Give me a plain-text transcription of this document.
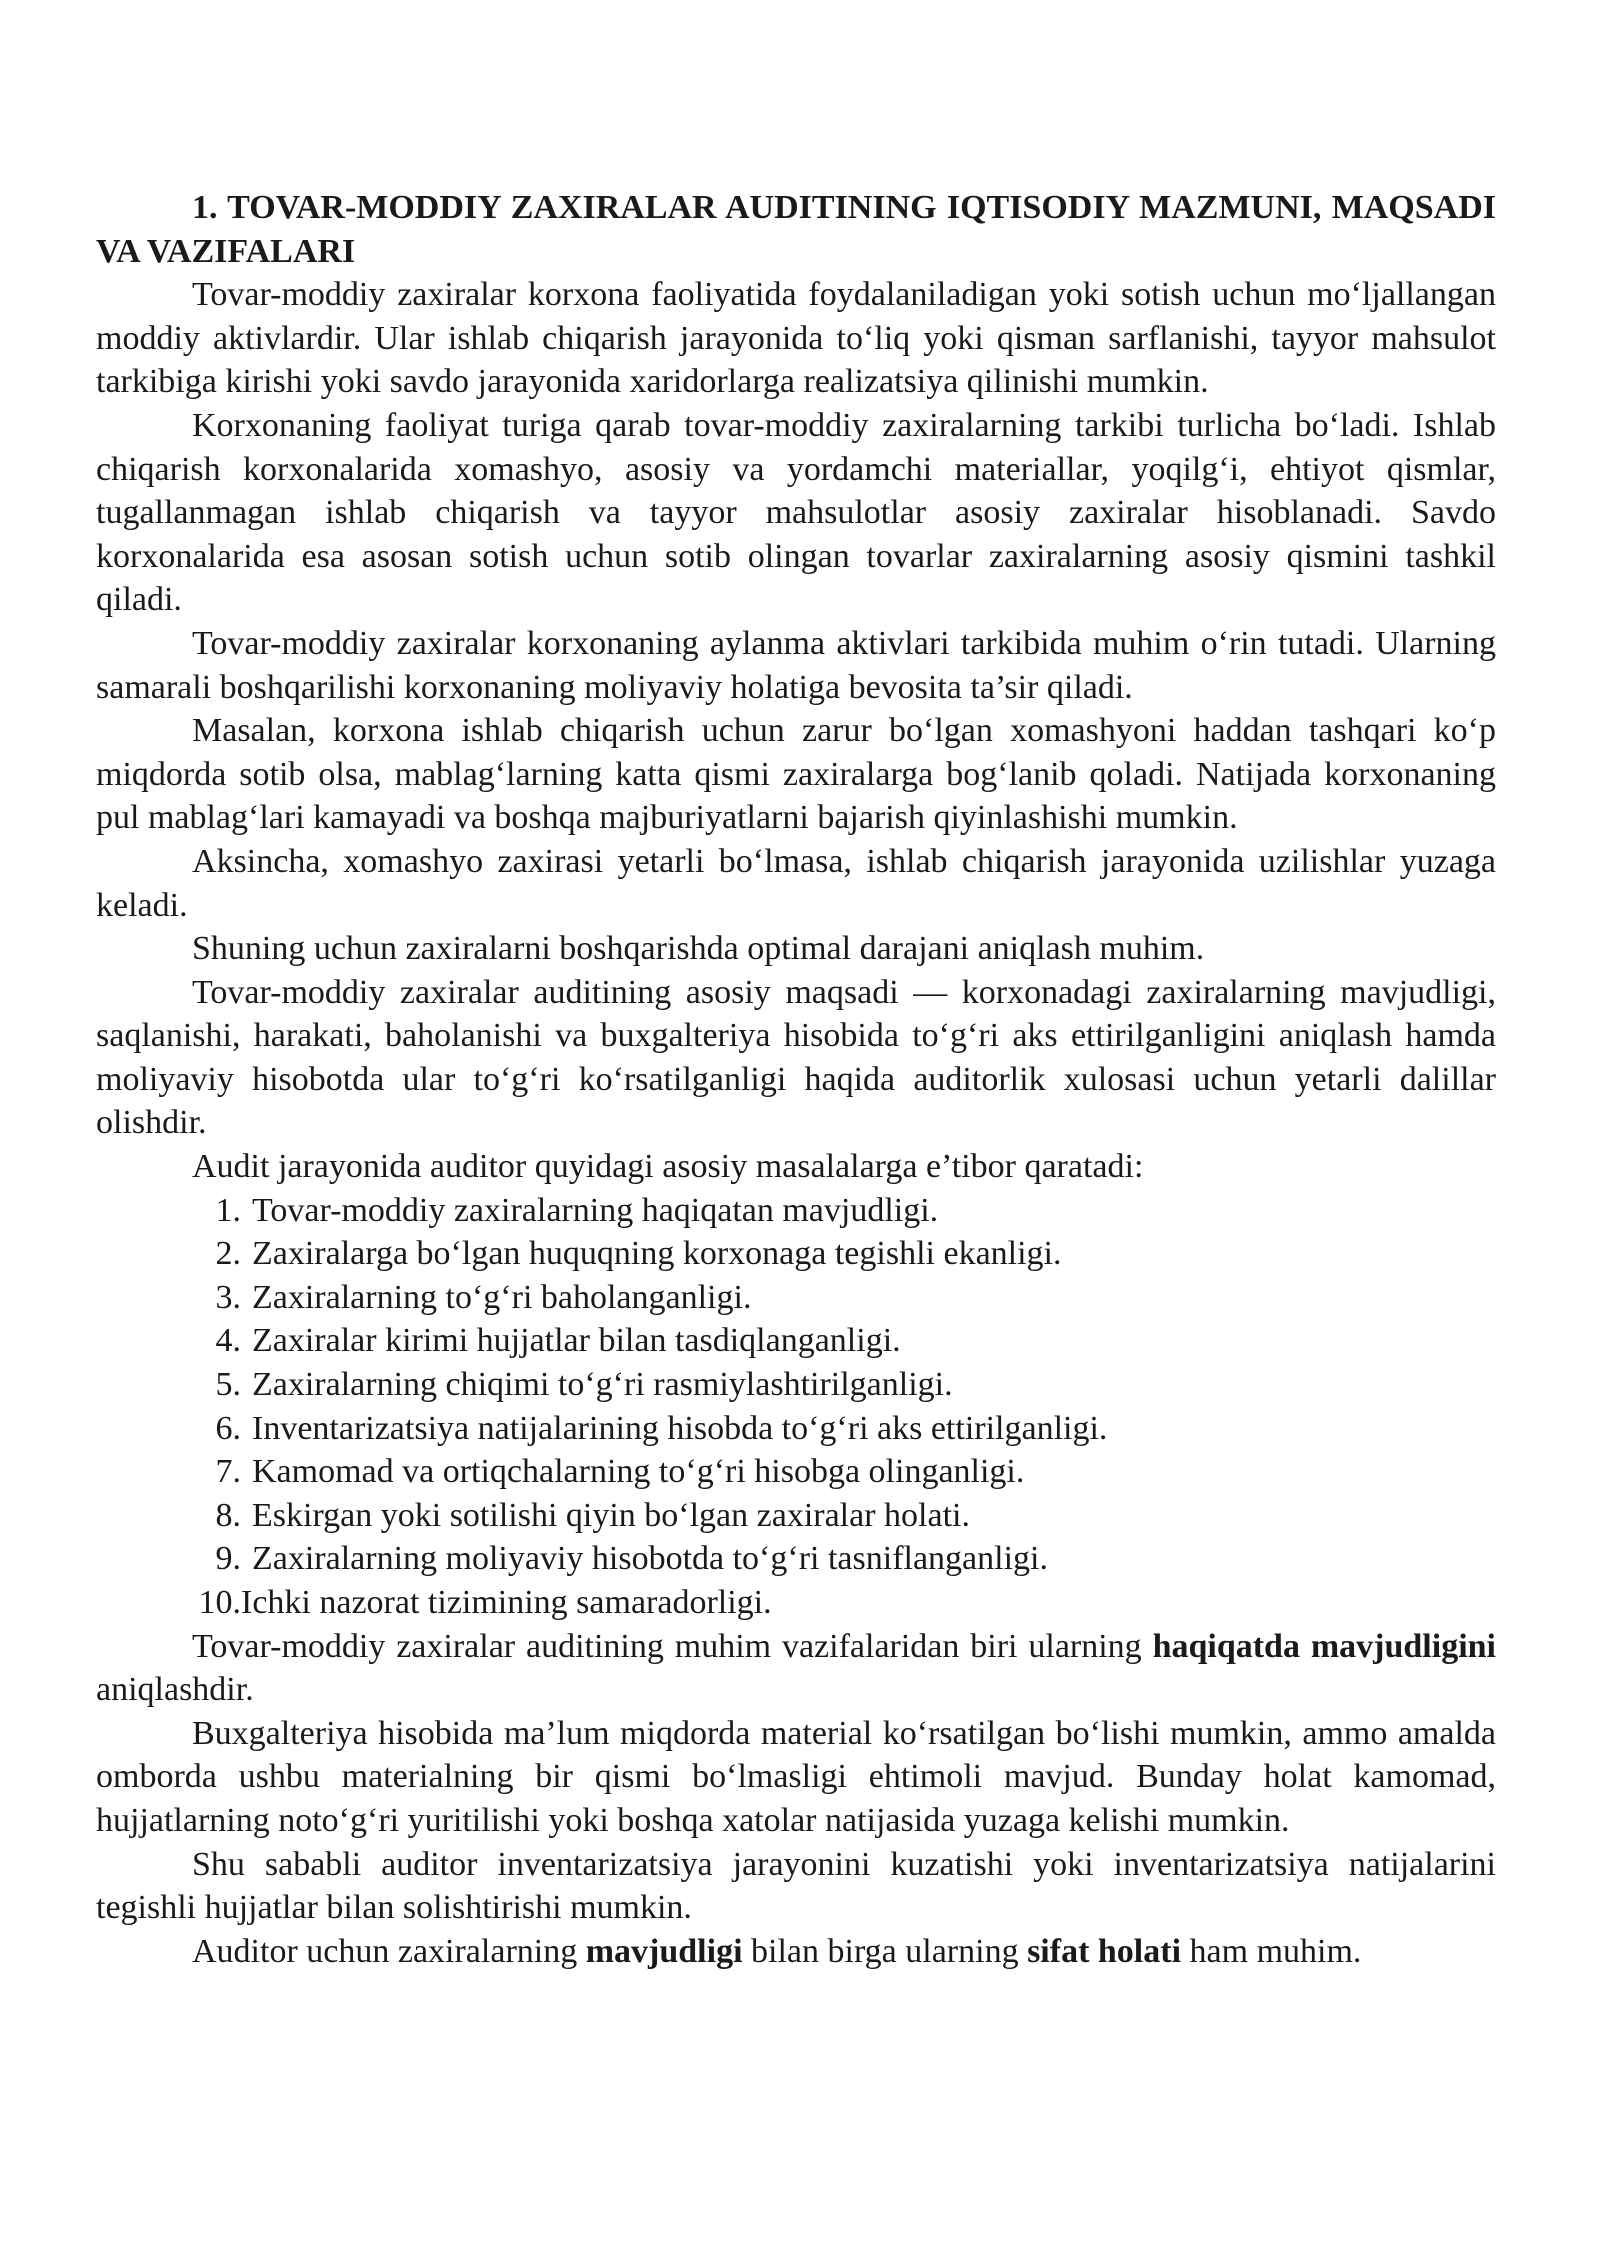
1. TOVAR-MODDIY ZAXIRALAR AUDITINING IQTISODIY MAZMUNI, MAQSADI VA VAZIFALARI

Tovar-moddiy zaxiralar korxona faoliyatida foydalaniladigan yoki sotish uchun mo‘ljallangan moddiy aktivlardir. Ular ishlab chiqarish jarayonida to‘liq yoki qisman sarflanishi, tayyor mahsulot tarkibiga kirishi yoki savdo jarayonida xaridorlarga realizatsiya qilinishi mumkin.

Korxonaning faoliyat turiga qarab tovar-moddiy zaxiralarning tarkibi turlicha bo‘ladi. Ishlab chiqarish korxonalarida xomashyo, asosiy va yordamchi materiallar, yoqilg‘i, ehtiyot qismlar, tugallanmagan ishlab chiqarish va tayyor mahsulotlar asosiy zaxiralar hisoblanadi. Savdo korxonalarida esa asosan sotish uchun sotib olingan tovarlar zaxiralarning asosiy qismini tashkil qiladi.

Tovar-moddiy zaxiralar korxonaning aylanma aktivlari tarkibida muhim o‘rin tutadi. Ularning samarali boshqarilishi korxonaning moliyaviy holatiga bevosita ta’sir qiladi.

Masalan, korxona ishlab chiqarish uchun zarur bo‘lgan xomashyoni haddan tashqari ko‘p miqdorda sotib olsa, mablag‘larning katta qismi zaxiralarga bog‘lanib qoladi. Natijada korxonaning pul mablag‘lari kamayadi va boshqa majburiyatlarni bajarish qiyinlashishi mumkin.

Aksincha, xomashyo zaxirasi yetarli bo‘lmasa, ishlab chiqarish jarayonida uzilishlar yuzaga keladi.

Shuning uchun zaxiralarni boshqarishda optimal darajani aniqlash muhim.

Tovar-moddiy zaxiralar auditining asosiy maqsadi — korxonadagi zaxiralarning mavjudligi, saqlanishi, harakati, baholanishi va buxgalteriya hisobida to‘g‘ri aks ettirilganligini aniqlash hamda moliyaviy hisobotda ular to‘g‘ri ko‘rsatilganligi haqida auditorlik xulosasi uchun yetarli dalillar olishdir.

Audit jarayonida auditor quyidagi asosiy masalalarga e’tibor qaratadi:

1. Tovar-moddiy zaxiralarning haqiqatan mavjudligi.
2. Zaxiralarga bo‘lgan huquqning korxonaga tegishli ekanligi.
3. Zaxiralarning to‘g‘ri baholanganligi.
4. Zaxiralar kirimi hujjatlar bilan tasdiqlanganligi.
5. Zaxiralarning chiqimi to‘g‘ri rasmiylashtirilganligi.
6. Inventarizatsiya natijalarining hisobda to‘g‘ri aks ettirilganligi.
7. Kamomad va ortiqchalarning to‘g‘ri hisobga olinganligi.
8. Eskirgan yoki sotilishi qiyin bo‘lgan zaxiralar holati.
9. Zaxiralarning moliyaviy hisobotda to‘g‘ri tasniflanganligi.
10.Ichki nazorat tizimining samaradorligi.

Tovar-moddiy zaxiralar auditining muhim vazifalaridan biri ularning haqiqatda mavjudligini aniqlashdir.

Buxgalteriya hisobida ma’lum miqdorda material ko‘rsatilgan bo‘lishi mumkin, ammo amalda omborda ushbu materialning bir qismi bo‘lmasligi ehtimoli mavjud. Bunday holat kamomad, hujjatlarning noto‘g‘ri yuritilishi yoki boshqa xatolar natijasida yuzaga kelishi mumkin.

Shu sababli auditor inventarizatsiya jarayonini kuzatishi yoki inventarizatsiya natijalarini tegishli hujjatlar bilan solishtirishi mumkin.

Auditor uchun zaxiralarning mavjudligi bilan birga ularning sifat holati ham muhim.
